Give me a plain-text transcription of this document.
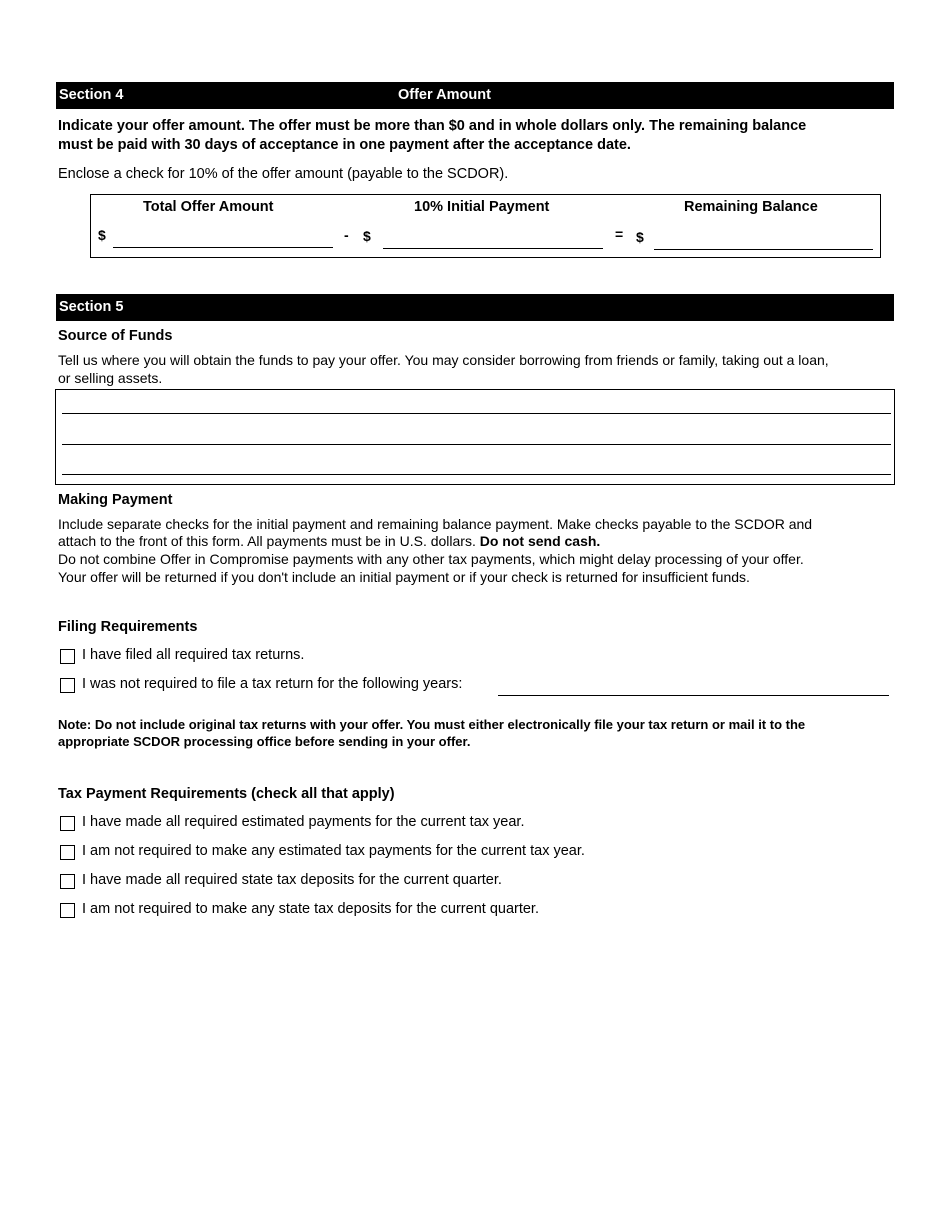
Section 4	Offer Amount
Indicate your offer amount. The offer must be more than $0 and in whole dollars only. The remaining balance
must be paid with 30 days of acceptance in one payment after the acceptance date.
Enclose a check for 10% of the offer amount (payable to the SCDOR).
Total Offer Amount	10% Initial Payment	Remaining Balance
$	- $	= $
Section 5
Source of Funds
Tell us where you will obtain the funds to pay your offer. You may consider borrowing from friends or family, taking out a loan,
or selling assets.
Making Payment
Include separate checks for the initial payment and remaining balance payment. Make checks payable to the SCDOR and
attach to the front of this form. All payments must be in U.S. dollars. Do not send cash.
Do not combine Offer in Compromise payments with any other tax payments, which might delay processing of your offer.
Your offer will be returned if you don't include an initial payment or if your check is returned for insufficient funds.
Filing Requirements
I have filed all required tax returns.
I was not required to file a tax return for the following years:
Note: Do not include original tax returns with your offer. You must either electronically file your tax return or mail it to the
appropriate SCDOR processing office before sending in your offer.
Tax Payment Requirements (check all that apply)
I have made all required estimated payments for the current tax year.
I am not required to make any estimated tax payments for the current tax year.
I have made all required state tax deposits for the current quarter.
I am not required to make any state tax deposits for the current quarter.
